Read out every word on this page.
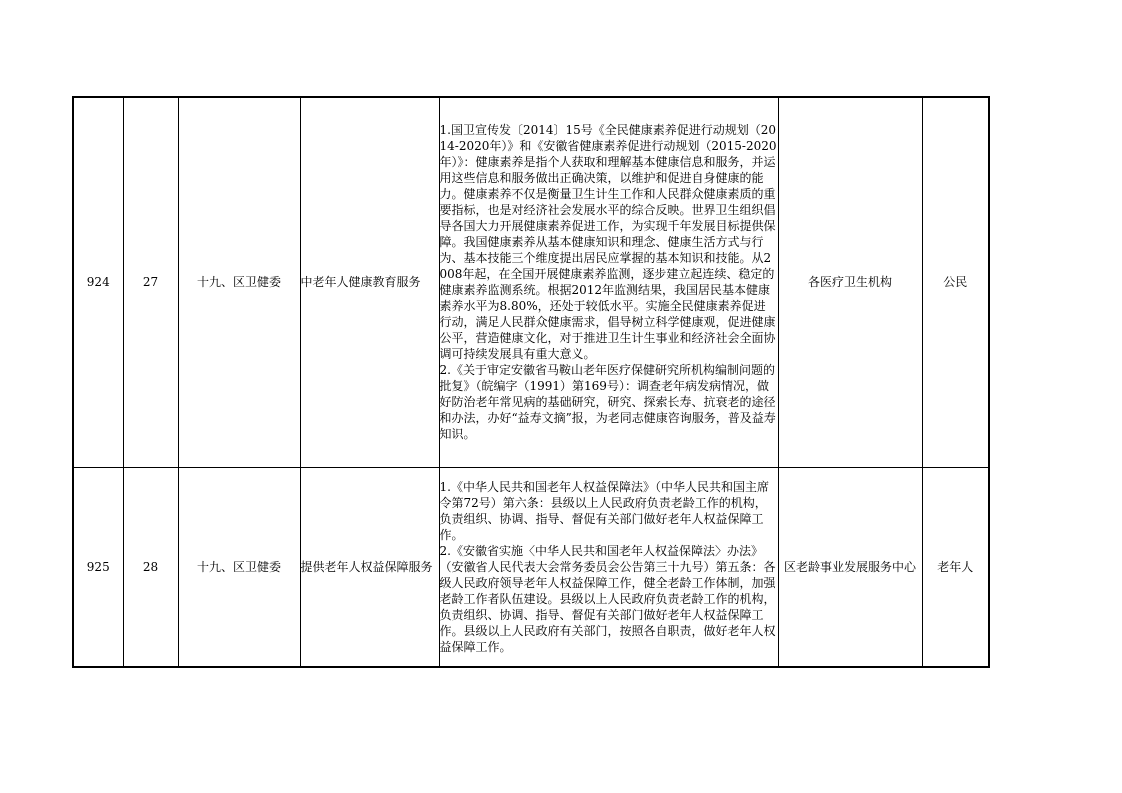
924	27	十九、区卫健委	中老年人健康教育服务	1.国卫宣传发〔2014〕15号《全民健康素养促进行动规划（2014-2020年）》和《安徽省健康素养促进行动规划（2015-2020年）》：健康素养是指个人获取和理解基本健康信息和服务，并运用这些信息和服务做出正确决策，以维护和促进自身健康的能力。健康素养不仅是衡量卫生计生工作和人民群众健康素质的重要指标，也是对经济社会发展水平的综合反映。世界卫生组织倡导各国大力开展健康素养促进工作，为实现千年发展目标提供保障。我国健康素养从基本健康知识和理念、健康生活方式与行为、基本技能三个维度提出居民应掌握的基本知识和技能。从2008年起，在全国开展健康素养监测，逐步建立起连续、稳定的健康素养监测系统。根据2012年监测结果，我国居民基本健康素养水平为8.80%，还处于较低水平。实施全民健康素养促进行动，满足人民群众健康需求，倡导树立科学健康观，促进健康公平，营造健康文化，对于推进卫生计生事业和经济社会全面协调可持续发展具有重大意义。
2.《关于审定安徽省马鞍山老年医疗保健研究所机构编制问题的批复》（皖编字（1991）第169号）：调查老年病发病情况，做好防治老年常见病的基础研究，研究、探索长寿、抗衰老的途径和办法，办好“益寿文摘”报，为老同志健康咨询服务，普及益寿知识。	各医疗卫生机构	公民
925	28	十九、区卫健委	提供老年人权益保障服务	1.《中华人民共和国老年人权益保障法》（中华人民共和国主席令第72号）第六条：县级以上人民政府负责老龄工作的机构，负责组织、协调、指导、督促有关部门做好老年人权益保障工作。
2.《安徽省实施〈中华人民共和国老年人权益保障法〉办法》（安徽省人民代表大会常务委员会公告第三十九号）第五条：各级人民政府领导老年人权益保障工作，健全老龄工作体制，加强老龄工作者队伍建设。县级以上人民政府负责老龄工作的机构，负责组织、协调、指导、督促有关部门做好老年人权益保障工作。县级以上人民政府有关部门，按照各自职责，做好老年人权益保障工作。	区老龄事业发展服务中心	老年人
